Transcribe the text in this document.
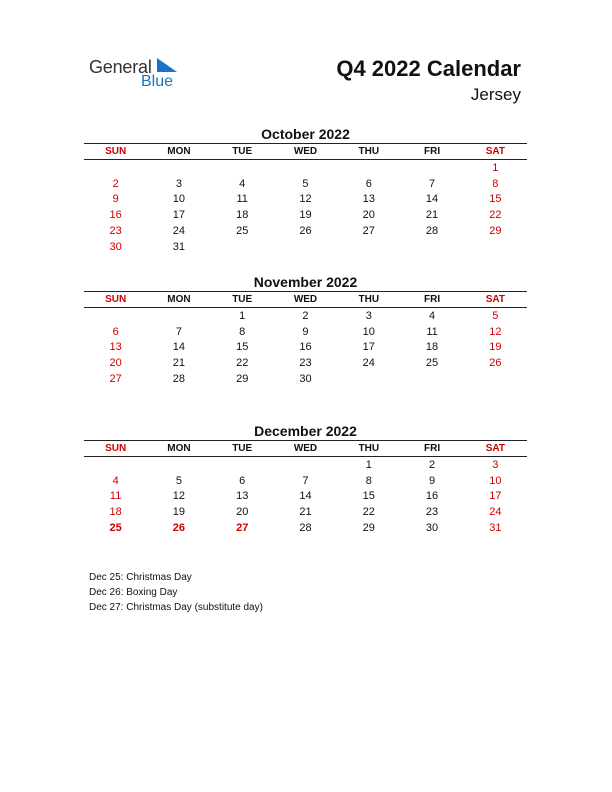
General
Blue
Q4 2022 Calendar
Jersey
October 2022
SUN	MON	TUE	WED	THU	FRI	SAT
						1
2	3	4	5	6	7	8
9	10	11	12	13	14	15
16	17	18	19	20	21	22
23	24	25	26	27	28	29
30	31					
November 2022
SUN	MON	TUE	WED	THU	FRI	SAT
		1	2	3	4	5
6	7	8	9	10	11	12
13	14	15	16	17	18	19
20	21	22	23	24	25	26
27	28	29	30			
December 2022
SUN	MON	TUE	WED	THU	FRI	SAT
				1	2	3
4	5	6	7	8	9	10
11	12	13	14	15	16	17
18	19	20	21	22	23	24
25	26	27	28	29	30	31
Dec 25: Christmas Day
Dec 26: Boxing Day
Dec 27: Christmas Day (substitute day)
